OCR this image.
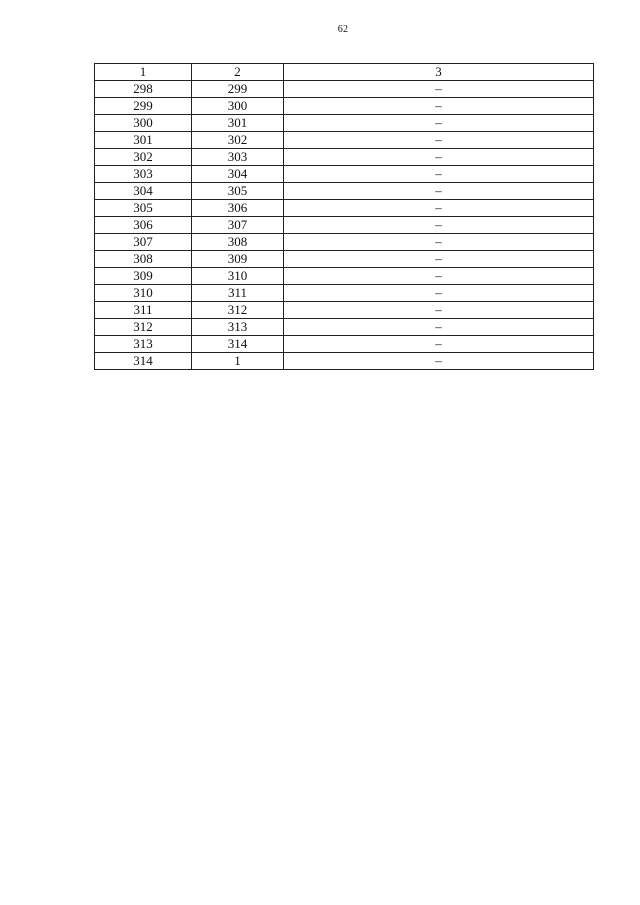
62
1	2	3
298	299	–
299	300	–
300	301	–
301	302	–
302	303	–
303	304	–
304	305	–
305	306	–
306	307	–
307	308	–
308	309	–
309	310	–
310	311	–
311	312	–
312	313	–
313	314	–
314	1	–
